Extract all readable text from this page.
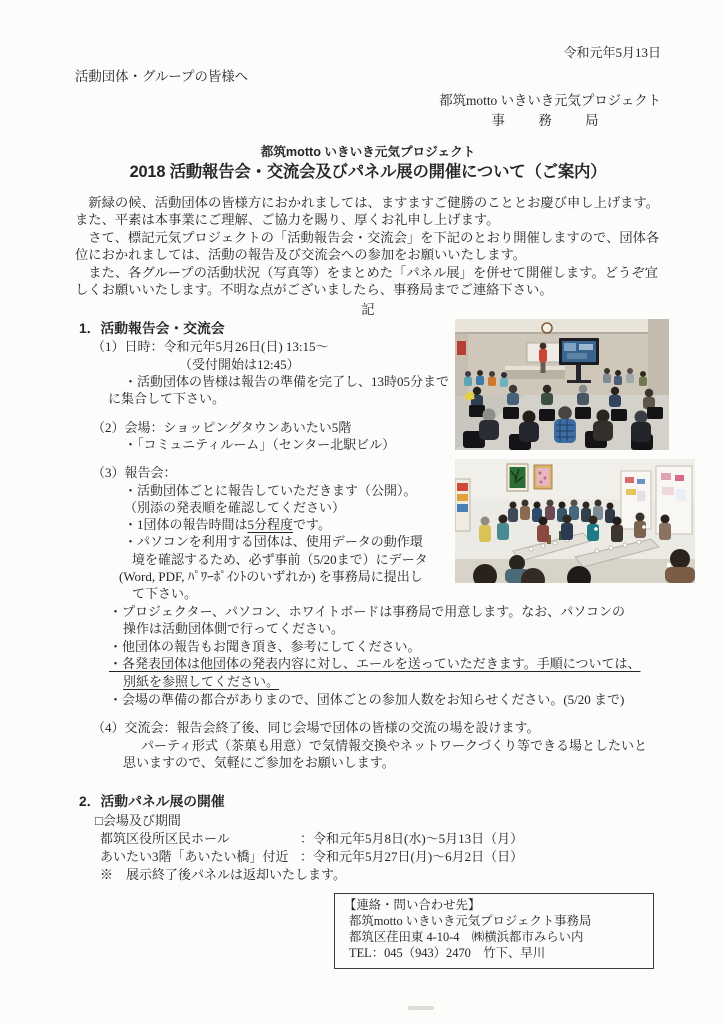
令和元年5月13日
活動団体・グループの皆様へ
都筑motto いきいき元気プロジェクト
事　務　局
都筑motto いきいき元気プロジェクト
2018 活動報告会・交流会及びパネル展の開催について（ご案内）

　新緑の候、活動団体の皆様方におかれましては、ますますご健勝のこととお慶び申し上げます。また、平素は本事業にご理解、ご協力を賜り、厚くお礼申し上げます。

　さて、標記元気プロジェクトの「活動報告会・交流会」を下記のとおり開催しますので、団体各位におかれましては、活動の報告及び交流会への参加をお願いいたします。

　また、各グループの活動状況（写真等）をまとめた「パネル展」を併せて開催します。どうぞ宜しくお願いいたします。不明な点がございましたら、事務局までご連絡下さい。

記
1．活動報告会・交流会
（1）日時：令和元年5月26日(日) 13:15～
（受付開始は12:45）
・活動団体の皆様は報告の準備を完了し、13時05分まで
に集合して下さい。
（2）会場：ショッピングタウンあいたい5階
・「コミュニティルーム」（センター北駅ビル）
（3）報告会：
・活動団体ごとに報告していただきます（公開）。
（別添の発表順を確認してください）
・1団体の報告時間は5分程度です。
・パソコンを利用する団体は、使用データの動作環
境を確認するため、必ず事前（5/20まで）にデータ
(Word, PDF, ﾊﾟﾜｰﾎﾟｲﾝﾄのいずれか) を事務局に提出し
て下さい。
・プロジェクター、パソコン、ホワイトボードは事務局で用意します。なお、パソコンの
操作は活動団体側で行ってください。
・他団体の報告もお聞き頂き、参考にしてください。
・各発表団体は他団体の発表内容に対し、エールを送っていただきます。手順については、
別紙を参照してください。
・会場の準備の都合がありまので、団体ごとの参加人数をお知らせください。(5/20 まで)
（4）交流会：報告会終了後、同じ会場で団体の皆様の交流の場を設けます。
パーティ形式（茶菓も用意）で気情報交換やネットワークづくり等できる場としたいと
思いますので、気軽にご参加をお願いします。
2．活動パネル展の開催
□会場及び期間
都筑区役所区民ホール	：令和元年5月8日(水)～5月13日（月）
あいたい3階「あいたい橋」付近 ：令和元年5月27日(月)～6月2日（日）
※　展示終了後パネルは返却いたします。
【連絡・問い合わせ先】
都筑motto いきいき元気プロジェクト事務局
都筑区荏田東 4-10-4　㈱横浜都市みらい内
TEL：045（943）2470　竹下、早川
